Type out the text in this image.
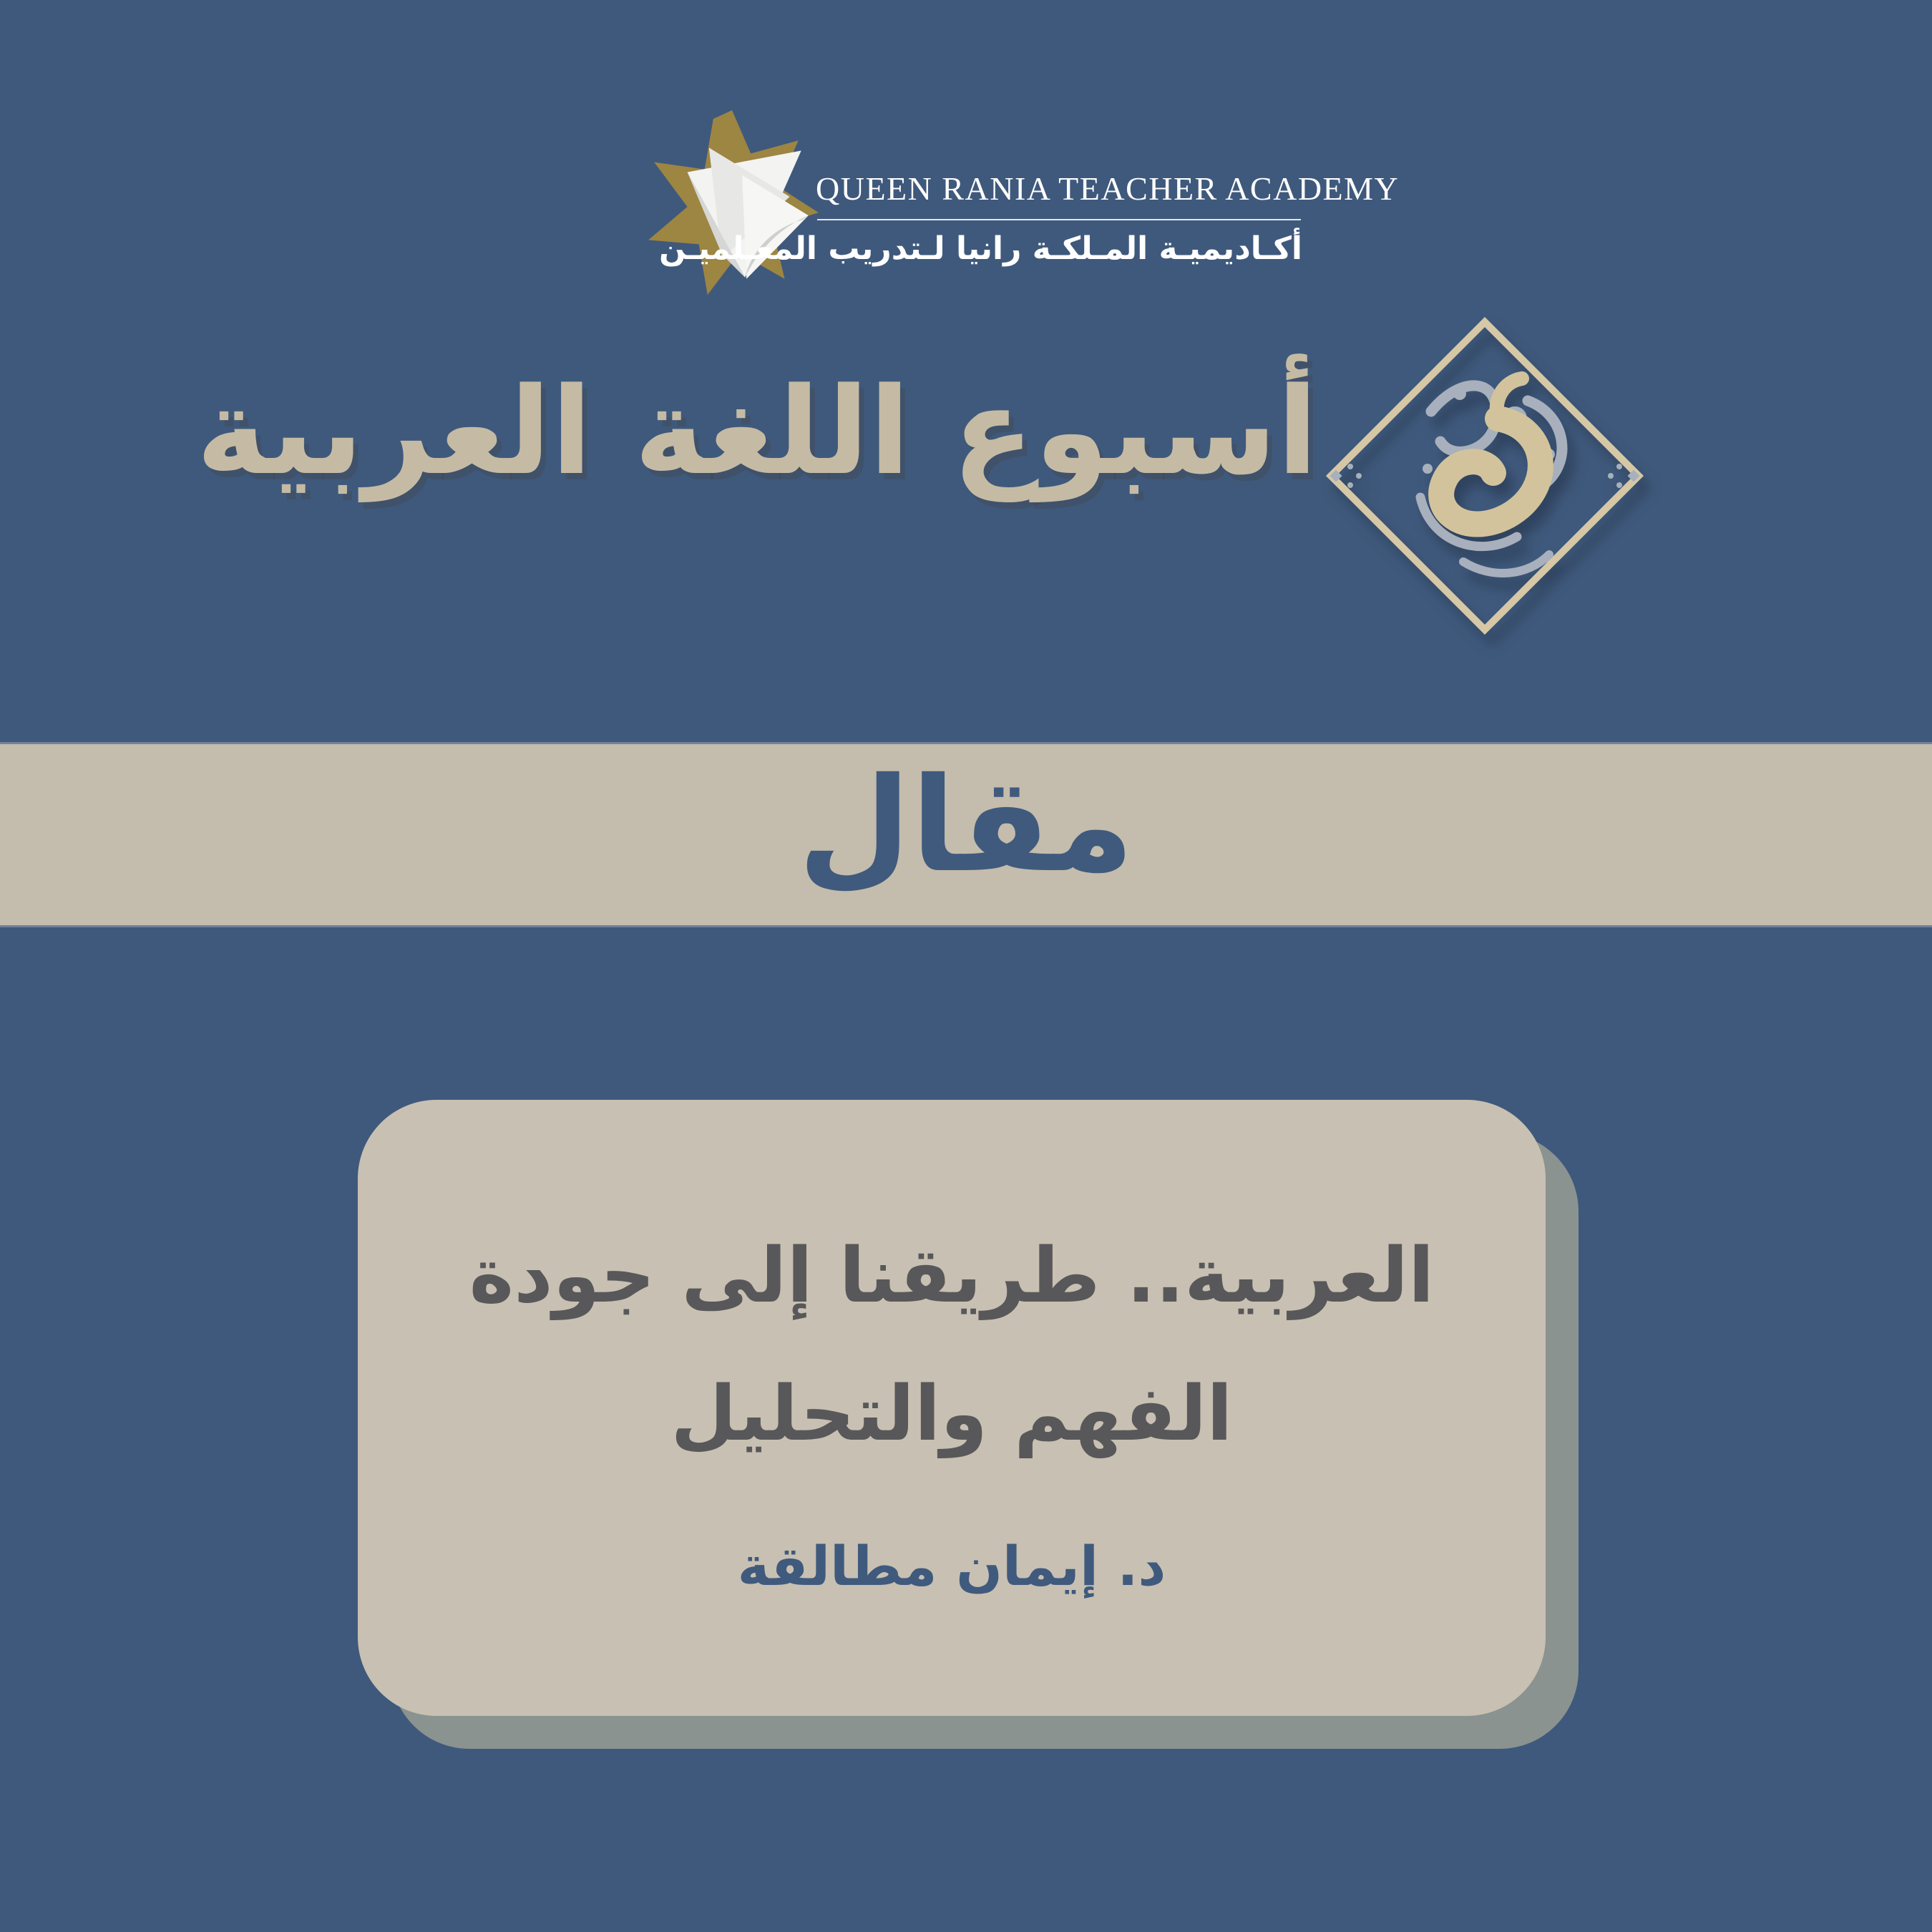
QUEEN RANIA TEACHER ACADEMY
أكـاديميـة المـلكـة رانيا لـتدريب المعـلميـن
أسبوع اللغة العربية
مقال
العربية.. طريقنا إلى جودة
الفهم والتحليل
د. إيمان مطالقة
